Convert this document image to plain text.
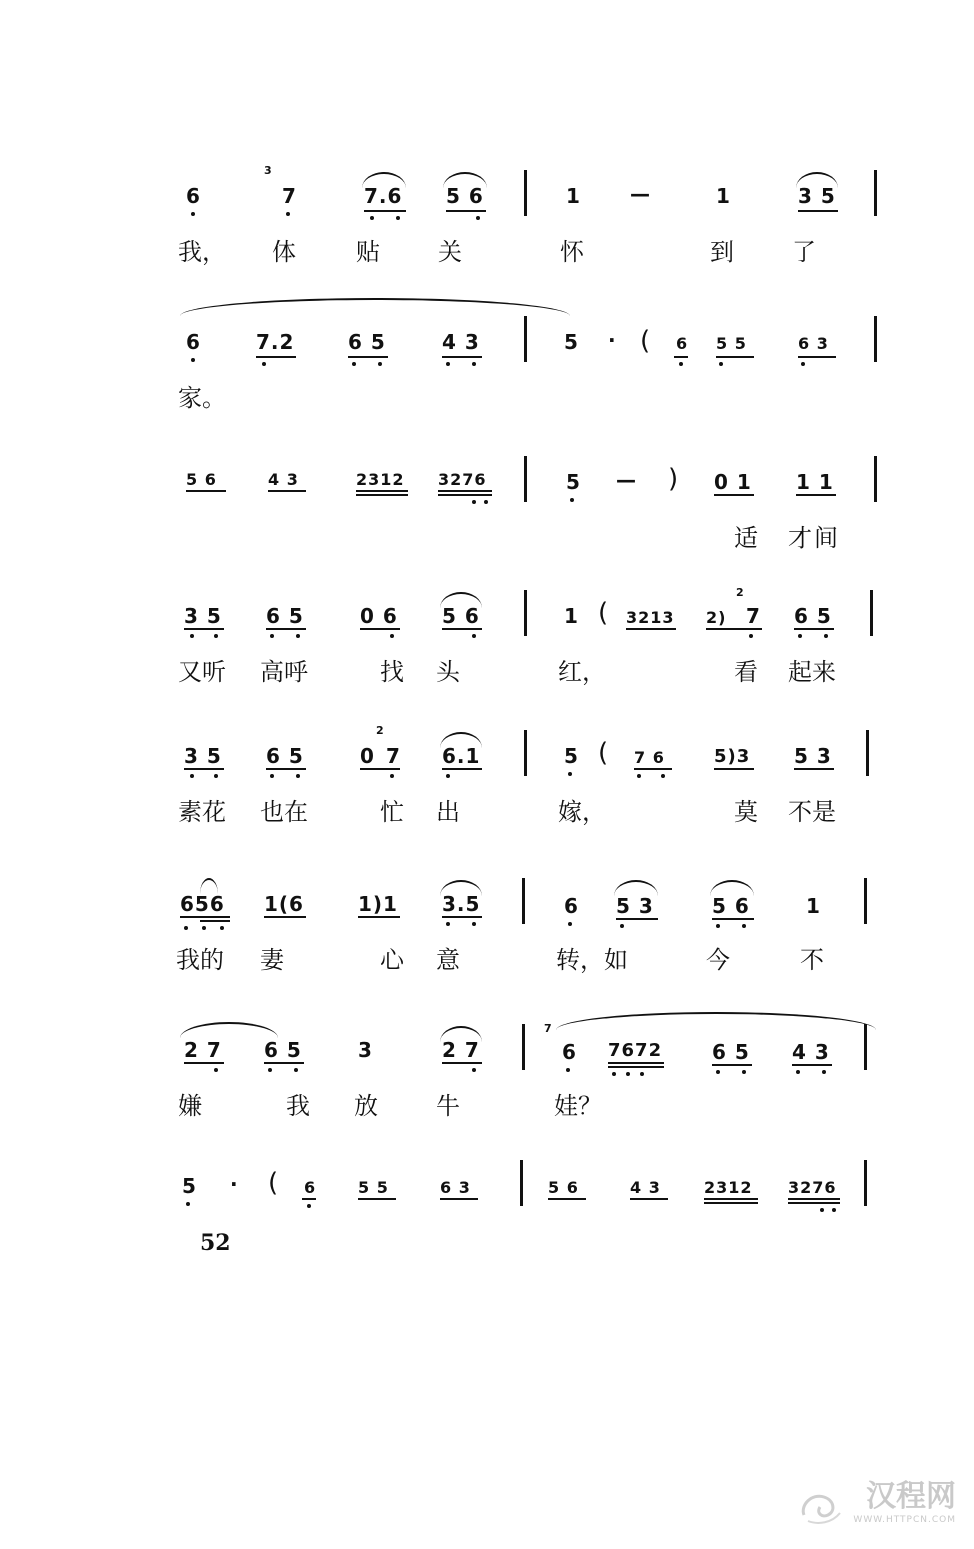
6
3
7	7.6 5 6	1 —	1	3 5
我， 体	贴 关	怀	到 了
6	7.2	6 5	4 3	5 · ( 6 5 5	6 3
家。
5 6	4 3	2312 3276	5 — ) 0 1 1 1
适 才 间
3 5 6 5	0 6 5 6	1 ( 3213 2)
2
7 6 5
又听 高呼	找 头	红，	看 起来
3 5 6 5	0
2
7 6.1	5 ( 7 6	5)3 5 3
素花 也在	忙 出	嫁，	莫 不是
656 1(6	1)1 3.5	6 5 3	5 6	1
我的 妻	心 意	转，如	今	不
2 7 6 5	3	2 7
7
6 7672 6 5 4 3
嫌	我 放 牛	娃？
5 · ( 6	5 5	6 3	5 6	4 3	2312 3276
52
汉程网
WWW.HTTPCN.COM
